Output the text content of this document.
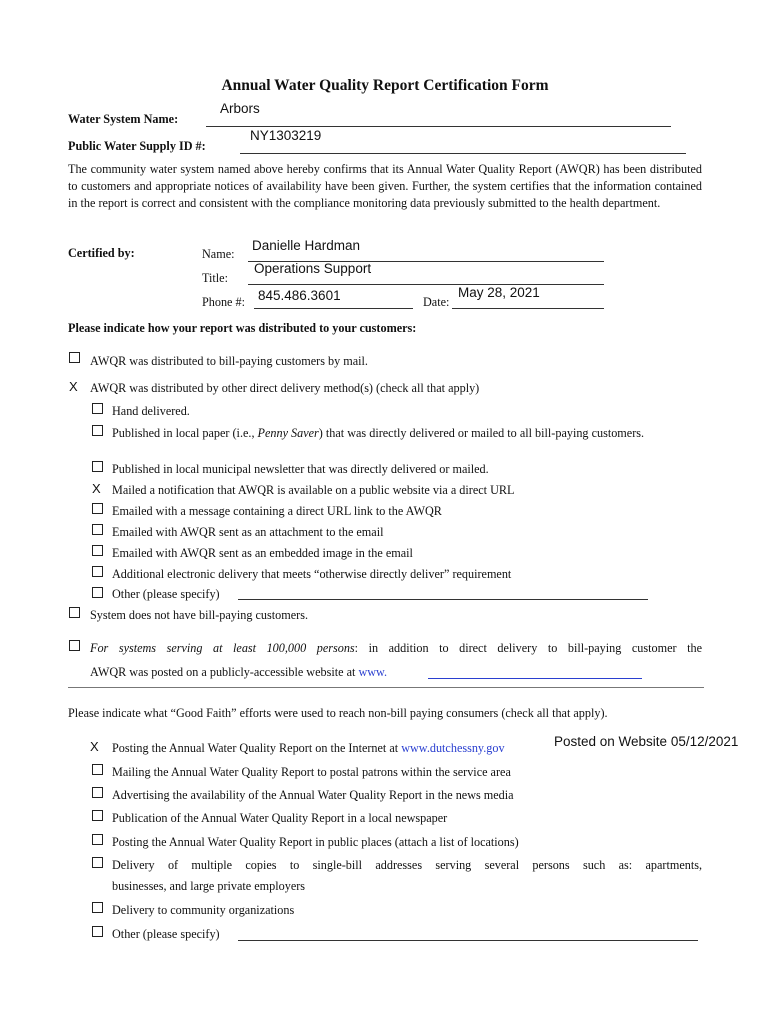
Annual Water Quality Report Certification Form
Water System Name:
Arbors
Public Water Supply ID #:
NY1303219
The community water system named above hereby confirms that its Annual Water Quality Report (AWQR) has been distributed to customers and appropriate notices of availability have been given. Further, the system certifies that the information contained in the report is correct and consistent with the compliance monitoring data previously submitted to the health department.
Certified by:	Name:
Danielle Hardman
Title:
Operations Support
Phone #: 845.486.3601	Date:
May 28, 2021
Please indicate how your report was distributed to your customers:
AWQR was distributed to bill-paying customers by mail.
X AWQR was distributed by other direct delivery method(s) (check all that apply)
Hand delivered.
Published in local paper (i.e., Penny Saver) that was directly delivered or mailed to all bill-paying customers.
Published in local municipal newsletter that was directly delivered or mailed.
X Mailed a notification that AWQR is available on a public website via a direct URL
Emailed with a message containing a direct URL link to the AWQR
Emailed with AWQR sent as an attachment to the email
Emailed with AWQR sent as an embedded image in the email
Additional electronic delivery that meets “otherwise directly deliver” requirement
Other (please specify)
System does not have bill-paying customers.
For systems serving at least 100,000 persons: in addition to direct delivery to bill-paying customer the
AWQR was posted on a publicly-accessible website at www.
Please indicate what “Good Faith” efforts were used to reach non-bill paying consumers (check all that apply).
X Posting the Annual Water Quality Report on the Internet at www.dutchessny.gov	Posted on Website 05/12/2021
Mailing the Annual Water Quality Report to postal patrons within the service area
Advertising the availability of the Annual Water Quality Report in the news media
Publication of the Annual Water Quality Report in a local newspaper
Posting the Annual Water Quality Report in public places (attach a list of locations)
Delivery of multiple copies to single-bill addresses serving several persons such as: apartments,
businesses, and large private employers
Delivery to community organizations
Other (please specify)
